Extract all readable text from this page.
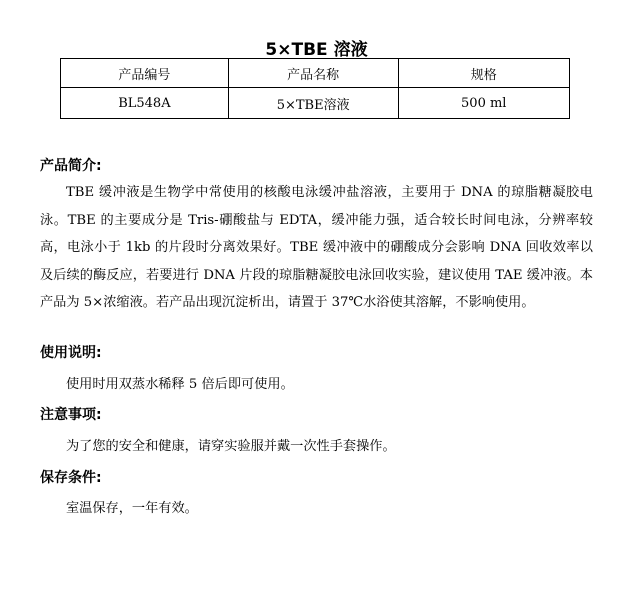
5×TBE 溶液
产品编号	产品名称	规格
BL548A	5×TBE溶液	500 ml
产品简介:

TBE 缓冲液是生物学中常使用的核酸电泳缓冲盐溶液，主要用于 DNA 的琼脂糖凝胶电泳。TBE 的主要成分是 Tris-硼酸盐与 EDTA，缓冲能力强，适合较长时间电泳，分辨率较高，电泳小于 1kb 的片段时分离效果好。TBE 缓冲液中的硼酸成分会影响 DNA 回收效率以及后续的酶反应，若要进行 DNA 片段的琼脂糖凝胶电泳回收实验，建议使用 TAE 缓冲液。本产品为 5×浓缩液。若产品出现沉淀析出，请置于 37℃水浴使其溶解，不影响使用。

使用说明:

使用时用双蒸水稀释 5 倍后即可使用。

注意事项:

为了您的安全和健康，请穿实验服并戴一次性手套操作。

保存条件:

室温保存，一年有效。
